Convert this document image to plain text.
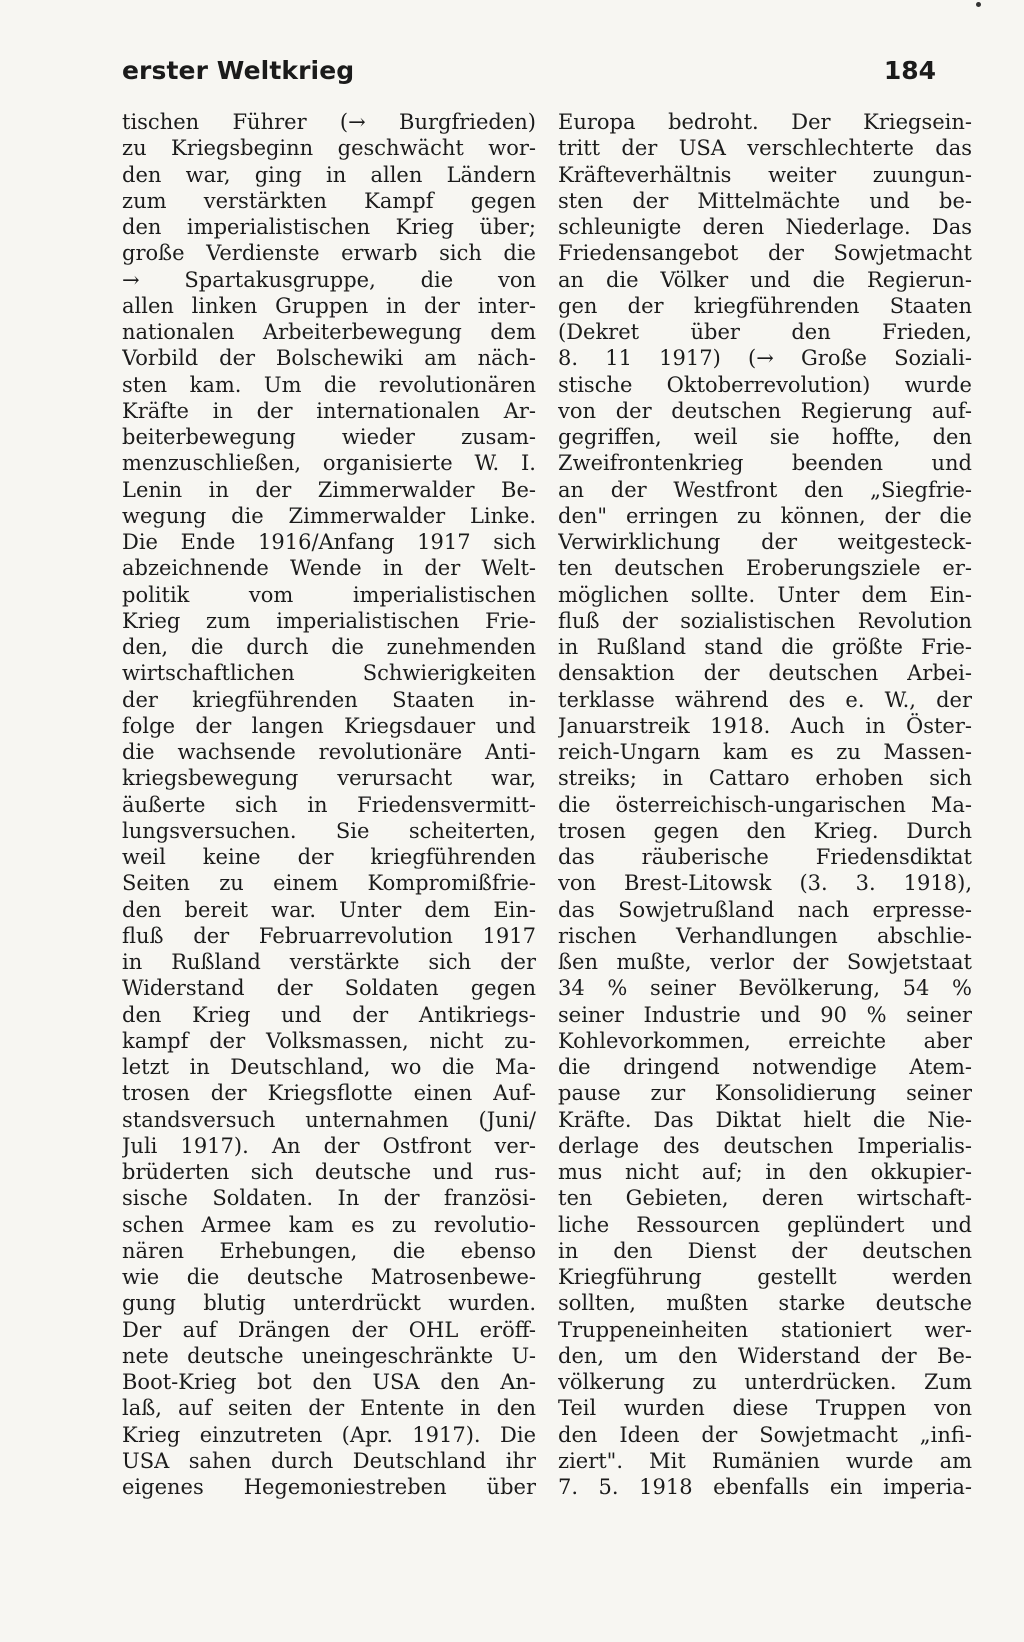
erster Weltkrieg	184
tischen Führer (→ Burgfrieden)
zu Kriegsbeginn geschwächt wor-
den war, ging in allen Ländern
zum verstärkten Kampf gegen
den imperialistischen Krieg über;
große Verdienste erwarb sich die
→ Spartakusgruppe, die von
allen linken Gruppen in der inter-
nationalen Arbeiterbewegung dem
Vorbild der Bolschewiki am näch-
sten kam. Um die revolutionären
Kräfte in der internationalen Ar-
beiterbewegung wieder zusam-
menzuschließen, organisierte W. I.
Lenin in der Zimmerwalder Be-
wegung die Zimmerwalder Linke.
Die Ende 1916/Anfang 1917 sich
abzeichnende Wende in der Welt-
politik vom imperialistischen
Krieg zum imperialistischen Frie-
den, die durch die zunehmenden
wirtschaftlichen Schwierigkeiten
der kriegführenden Staaten in-
folge der langen Kriegsdauer und
die wachsende revolutionäre Anti-
kriegsbewegung verursacht war,
äußerte sich in Friedensvermitt-
lungsversuchen. Sie scheiterten,
weil keine der kriegführenden
Seiten zu einem Kompromißfrie-
den bereit war. Unter dem Ein-
fluß der Februarrevolution 1917
in Rußland verstärkte sich der
Widerstand der Soldaten gegen
den Krieg und der Antikriegs-
kampf der Volksmassen, nicht zu-
letzt in Deutschland, wo die Ma-
trosen der Kriegsflotte einen Auf-
standsversuch unternahmen (Juni/
Juli 1917). An der Ostfront ver-
brüderten sich deutsche und rus-
sische Soldaten. In der französi-
schen Armee kam es zu revolutio-
nären Erhebungen, die ebenso
wie die deutsche Matrosenbewe-
gung blutig unterdrückt wurden.
Der auf Drängen der OHL eröff-
nete deutsche uneingeschränkte U-
Boot-Krieg bot den USA den An-
laß, auf seiten der Entente in den
Krieg einzutreten (Apr. 1917). Die
USA sahen durch Deutschland ihr
eigenes Hegemoniestreben über
Europa bedroht. Der Kriegsein-
tritt der USA verschlechterte das
Kräfteverhältnis weiter zuungun-
sten der Mittelmächte und be-
schleunigte deren Niederlage. Das
Friedensangebot der Sowjetmacht
an die Völker und die Regierun-
gen der kriegführenden Staaten
(Dekret über den Frieden,
8. 11 1917) (→ Große Soziali-
stische Oktoberrevolution) wurde
von der deutschen Regierung auf-
gegriffen, weil sie hoffte, den
Zweifrontenkrieg beenden und
an der Westfront den „Siegfrie-
den" erringen zu können, der die
Verwirklichung der weitgesteck-
ten deutschen Eroberungsziele er-
möglichen sollte. Unter dem Ein-
fluß der sozialistischen Revolution
in Rußland stand die größte Frie-
densaktion der deutschen Arbei-
terklasse während des e. W., der
Januarstreik 1918. Auch in Öster-
reich-Ungarn kam es zu Massen-
streiks; in Cattaro erhoben sich
die österreichisch-ungarischen Ma-
trosen gegen den Krieg. Durch
das räuberische Friedensdiktat
von Brest-Litowsk (3. 3. 1918),
das Sowjetrußland nach erpresse-
rischen Verhandlungen abschlie-
ßen mußte, verlor der Sowjetstaat
34 % seiner Bevölkerung, 54 %
seiner Industrie und 90 % seiner
Kohlevorkommen, erreichte aber
die dringend notwendige Atem-
pause zur Konsolidierung seiner
Kräfte. Das Diktat hielt die Nie-
derlage des deutschen Imperialis-
mus nicht auf; in den okkupier-
ten Gebieten, deren wirtschaft-
liche Ressourcen geplündert und
in den Dienst der deutschen
Kriegführung gestellt werden
sollten, mußten starke deutsche
Truppeneinheiten stationiert wer-
den, um den Widerstand der Be-
völkerung zu unterdrücken. Zum
Teil wurden diese Truppen von
den Ideen der Sowjetmacht „infi-
ziert". Mit Rumänien wurde am
7. 5. 1918 ebenfalls ein imperia-
